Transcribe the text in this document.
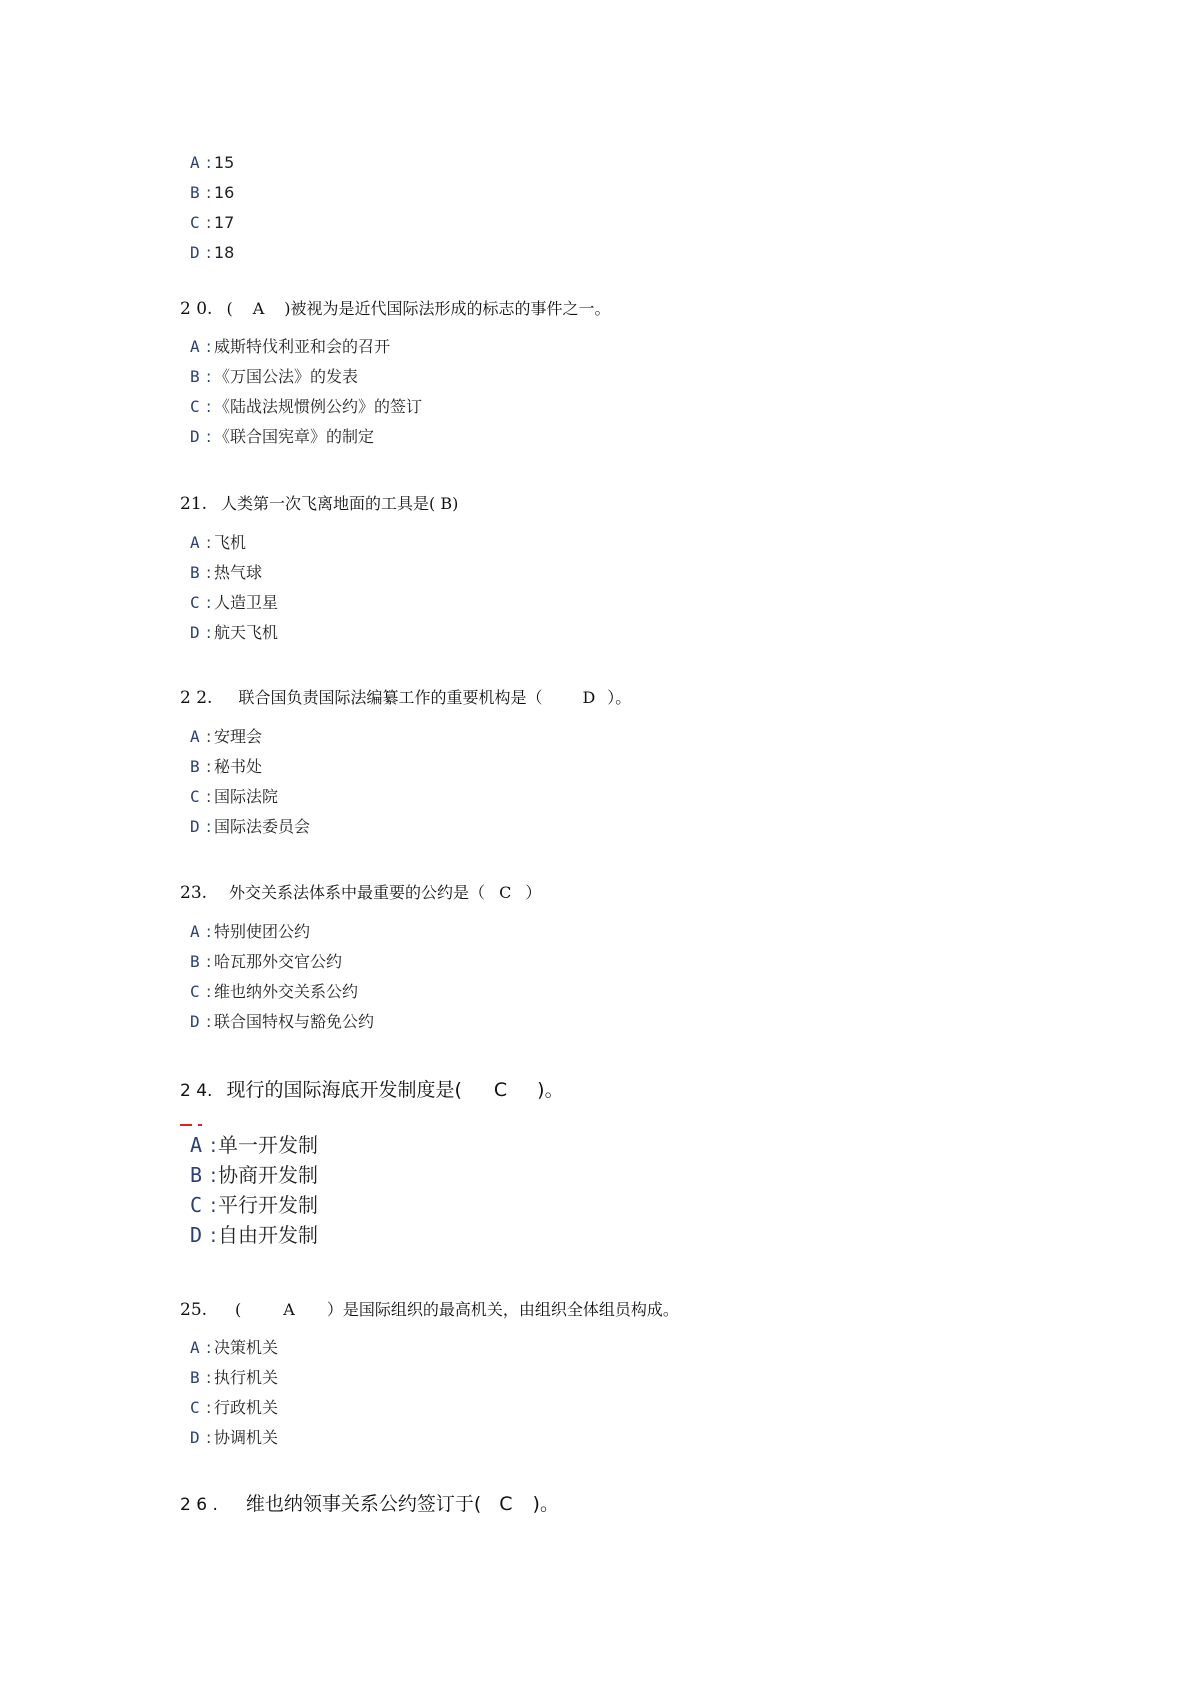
A : 15
B : 16
C : 17
D : 18
2 0. ( A )被视为是近代国际法形成的标志的事件之一。
A : 威斯特伐利亚和会的召开
B : 《万国公法》的发表
C : 《陆战法规惯例公约》的签订
D : 《联合国宪章》的制定
21. 人类第一次飞离地面的工具是( B)
A : 飞机
B : 热气球
C : 人造卫星
D : 航天飞机
2 2. 联合国负责国际法编纂工作的重要机构是（	D ）。
A : 安理会
B : 秘书处
C : 国际法院
D : 国际法委员会
23. 外交关系法体系中最重要的公约是（ C ）
A : 特别使团公约
B : 哈瓦那外交官公约
C : 维也纳外交关系公约
D : 联合国特权与豁免公约
2 4. 现行的国际海底开发制度是( C )。
A :单一开发制
B :协商开发制
C :平行开发制
D :自由开发制
25. (	A ）是国际组织的最高机关，由组织全体组员构成。
A : 决策机关
B : 执行机关
C : 行政机关
D : 协调机关
2 6 . 维也纳领事关系公约签订于( C )。
